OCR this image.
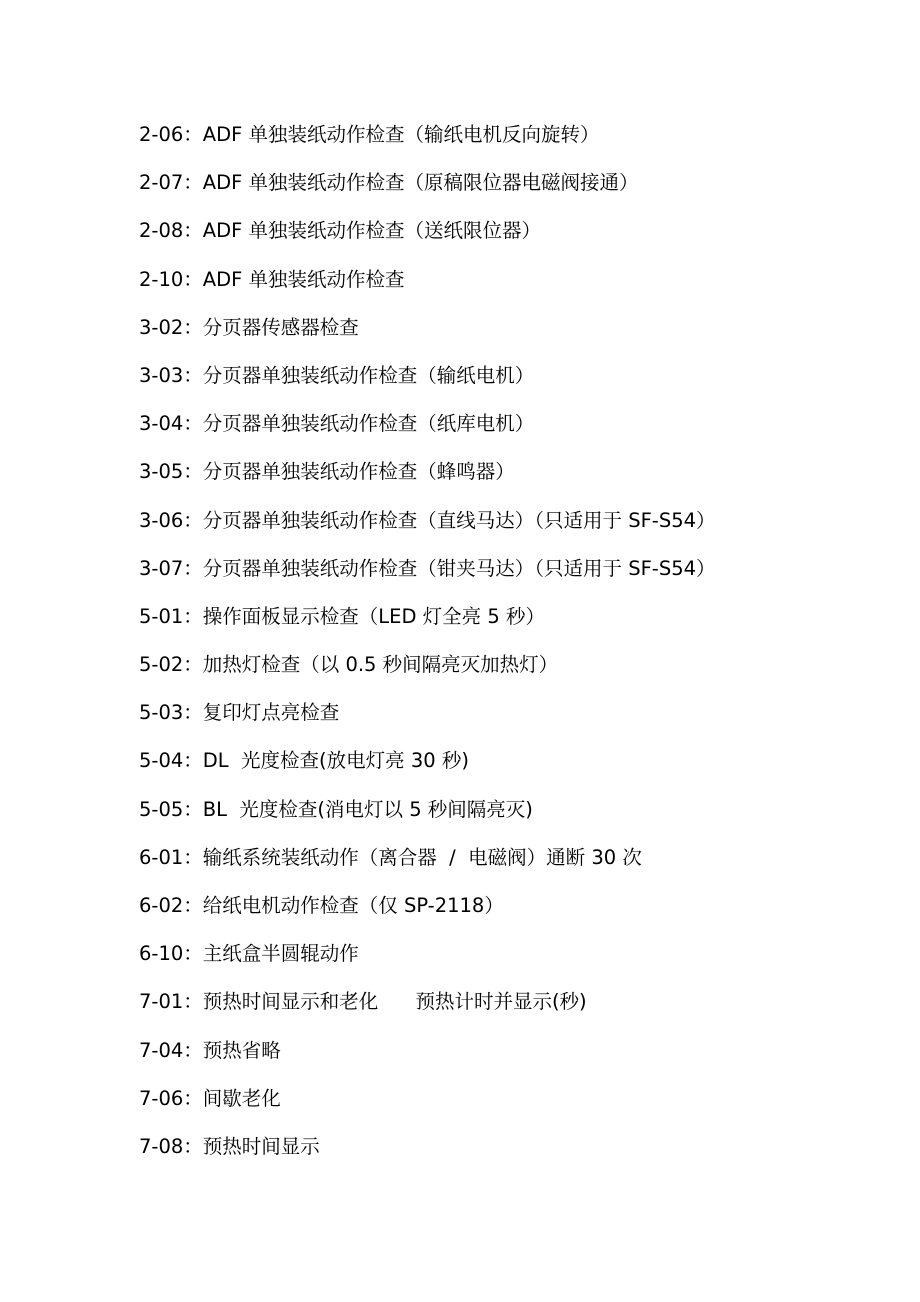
2-06：ADF 单独装纸动作检查（输纸电机反向旋转）
2-07：ADF 单独装纸动作检查（原稿限位器电磁阀接通）
2-08：ADF 单独装纸动作检查（送纸限位器）
2-10：ADF 单独装纸动作检查
3-02：分页器传感器检查
3-03：分页器单独装纸动作检查（输纸电机）
3-04：分页器单独装纸动作检查（纸库电机）
3-05：分页器单独装纸动作检查（蜂鸣器）
3-06：分页器单独装纸动作检查（直线马达）（只适用于 SF-S54）
3-07：分页器单独装纸动作检查（钳夹马达）（只适用于 SF-S54）
5-01：操作面板显示检查（LED 灯全亮 5 秒）
5-02：加热灯检查（以 0.5 秒间隔亮灭加热灯）
5-03：复印灯点亮检查
5-04：DL  光度检查(放电灯亮 30 秒)
5-05：BL  光度检查(消电灯以 5 秒间隔亮灭)
6-01：输纸系统装纸动作（离合器  /  电磁阀）通断 30 次
6-02：给纸电机动作检查（仅 SP-2118）
6-10：主纸盒半圆辊动作
7-01：预热时间显示和老化      预热计时并显示(秒)
7-04：预热省略
7-06：间歇老化
7-08：预热时间显示
